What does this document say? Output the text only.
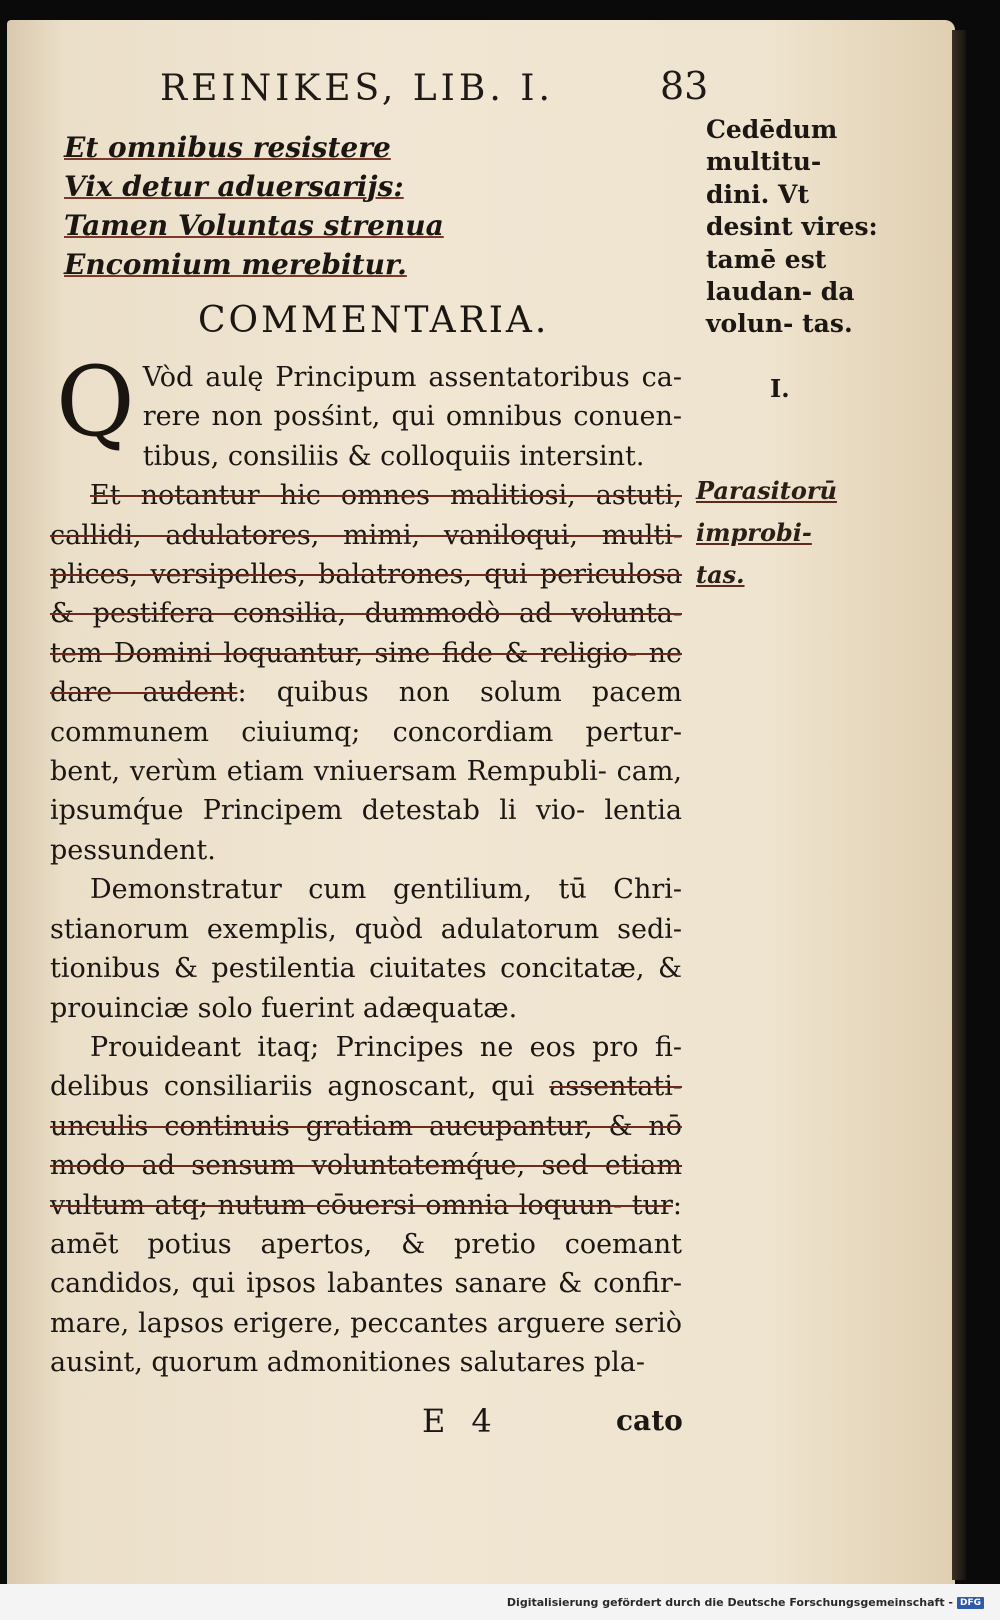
REINIKES, LIB. I.	83
Et omnibus resistere
Vix detur aduersarijs:
Tamen Voluntas strenua
Encomium merebitur.
COMMENTARIA.

Q Vòd aulę Principum assentatoribus ca- rere non posśint, qui omnibus conuen- tibus, consiliis & colloquiis intersint.

Et notantur hic omnes malitiosi, astuti, callidi, adulatores, mimi, vaniloqui, multi- plices, versipelles, balatrones, qui periculosa & pestifera consilia, dummodò ad volunta- tem Domini loquantur, sine fide & religio- ne dare audent: quibus non solum pacem communem ciuiumq; concordiam pertur- bent, verùm etiam vniuersam Rempubli- cam, ipsumq́ue Principem detestab li vio- lentia pessundent.

Demonstratur cum gentilium, tū Chri- stianorum exemplis, quòd adulatorum sedi- tionibus & pestilentia ciuitates concitatæ, & prouinciæ solo fuerint adæquatæ.

Prouideant itaq; Principes ne eos pro fi- delibus consiliariis agnoscant, qui assentati- unculis continuis gratiam aucupantur, & nō modo ad sensum voluntatemq́ue, sed etiam vultum atq; nutum cōuersi omnia loquun- tur: amēt potius apertos, & pretio coemant candidos, qui ipsos labantes sanare & confir- mare, lapsos erigere, peccantes arguere seriò ausint, quorum admonitiones salutares pla-

E 4	cato
Cedēdum multitu- dini. Vt desint vires: tamē est laudan- da volun- tas.
I.
Parasitorū improbi- tas.
Digitalisierung gefördert durch die Deutsche Forschungsgemeinschaft - DFG
